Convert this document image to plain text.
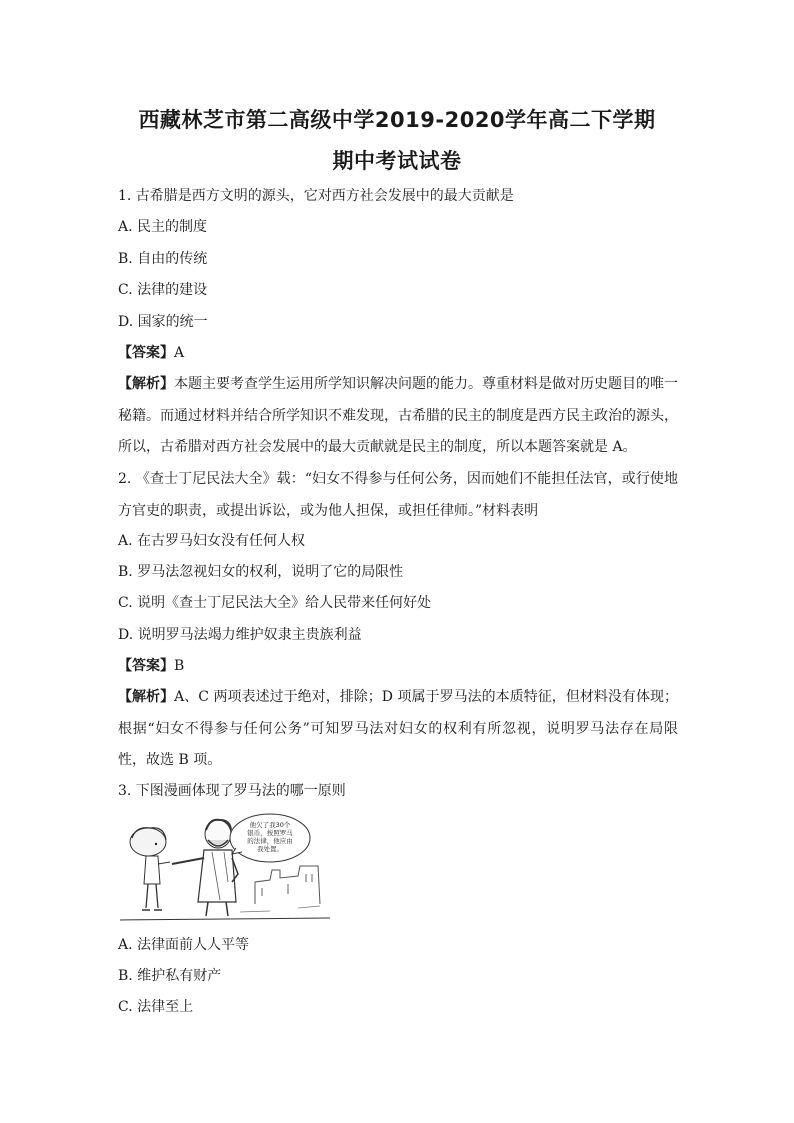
西藏林芝市第二高级中学2019-2020学年高二下学期
期中考试试卷
1. 古希腊是西方文明的源头，它对西方社会发展中的最大贡献是
A. 民主的制度
B. 自由的传统
C. 法律的建设
D. 国家的统一
【答案】A
【解析】本题主要考查学生运用所学知识解决问题的能力。尊重材料是做对历史题目的唯一秘籍。而通过材料并结合所学知识不难发现，古希腊的民主的制度是西方民主政治的源头，所以，古希腊对西方社会发展中的最大贡献就是民主的制度，所以本题答案就是 A。
2. 《查士丁尼民法大全》载：“妇女不得参与任何公务，因而她们不能担任法官，或行使地方官吏的职责，或提出诉讼，或为他人担保，或担任律师。”材料表明
A. 在古罗马妇女没有任何人权
B. 罗马法忽视妇女的权利，说明了它的局限性
C. 说明《查士丁尼民法大全》给人民带来任何好处
D. 说明罗马法竭力维护奴隶主贵族利益
【答案】B
【解析】A、C 两项表述过于绝对，排除；D 项属于罗马法的本质特征，但材料没有体现；根据“妇女不得参与任何公务”可知罗马法对妇女的权利有所忽视，说明罗马法存在局限性，故选 B 项。
3. 下图漫画体现了罗马法的哪一原则
他欠了我30个
银币，按照罗马
的法律，他应由
我处置。
A. 法律面前人人平等
B. 维护私有财产
C. 法律至上
